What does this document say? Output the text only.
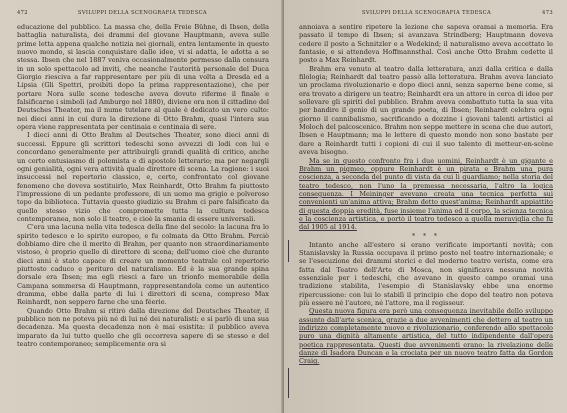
472	SVILUPPI DELLA SCENOGRAFIA TEDESCA

educazione del pubblico. La massa che, della Freie Bühne, di Ibsen, della battaglia naturalista, dei drammi del giovane Hauptmann, aveva sulle prime letta appena qualche notizia nei giornali, entra lentamente in questo nuovo mondo, si lascia conquistare dalle idee, vi si adatta, le adotta a se stessa. Ibsen che nel 1887 veniva occasionalmente permesso dalla censura in un solo spettacolo ad inviti, che neanche l'autorità personale del Duca Giorgio riesciva a far rappresentare per più di una volta a Dresda ed a Lipsia (Gli Spettri, proibiti dopo la prima rappresentazione), che per portare Nora sulle scene tedesche aveva dovuto riferme il finale e falsificarne i simboli (ad Amburgo nel 1880), diviene ora non il cittadino del Deutsches Theater, ma il nume tutelare al quale è dedicato un vero culto: nei dieci anni in cui dura la direzione di Otto Brahm, quasi l'intera sua opera viene rappresentata per centinaia e centinaia di sere.

I dieci anni di Otto Brahm al Deutsches Theater, sono dieci anni di successi. Eppure gli scrittori tedeschi sono avvezzi di lodi con lui e concordano generalmente per attribuirgli grandi qualità di critico, anche un certo entusiasmo di polemista e di apostolo letterario; ma per negargli ogni genialità, ogni vera attività quale direttore di scena. La ragione: i suoi insuccessi nel repertorio classico, e, certo, confrontato col giovane fenomeno che doveva sostituirlo, Max Reinhardt, Otto Brahm fa piuttosto l'impressione di un pedante professore, di un uomo ma grigio e polveroso topo da biblioteca. Tuttavia questo giudizio su Brahm ci pare falsificato da quello stesso vizio che compromette tutta la cultura tedesca contemporanea, non solo il teatro, e cioè la smania di essere universali.

C'era una lacuna nella vita tedesca della fine del secolo: la lacuna fra lo spirito tedesco e lo spirito europeo, e fu colmata da Otto Brahm. Perciò dobbiamo dire che il merito di Brahm, per quanto non straordinariamente vistoso, è proprio quello di direttore di scena; dell'uomo cioè che durante dieci anni è stato capace di creare un momento teatrale col repertorio piuttosto caduco e perituro del naturalismo. Ed è la sua grande spina dorsale era Ibsen; ma egli riesci a fare un trionfo memorabile della Campana sommersa di Hauptmann, rappresentandola come un autentico dramma, ebbe dalla parte di lui i direttori di scena, compreso Max Reinhardt, non seppero farne che una féerie.

Quando Otto Brahm si ritirò dalla direzione del Deutsches Theater, il pubblico non ne poteva più né di lui né dei naturalisti: e si parlò di una sua decadenza. Ma questa decadenza non è mai esistita: il pubblico aveva imparato da lui tutto quello che gli occorreva sapere di se stesso e del teatro contemporaneo; semplicemente ora si

SVILUPPI DELLA SCENOGRAFIA TEDESCA	473

annoiava a sentire ripetere la lezione che sapeva oramai a memoria. Era passato il tempo di Ibsen; si avanzava Strindberg; Hauptmann doveva cedere il posto a Schnitzler e a Wedekind; il naturalismo aveva accettato le fantasie, e si attendeva Hoffmannsthal. Così anche Otto Brahm cedette il posto a Max Reinhardt.

Brahm era venuto al teatro dalla letteratura, anzi dalla critica e dalla filologia; Reinhardt dal teatro passò alla letteratura. Brahm aveva lanciato un proclama rivoluzionario e dopo dieci anni, senza saperne bene come, si era trovato a dirigere un teatro; Reinhardt era un attore in cerca di idee per sollevare gli spiriti del pubblico. Brahm aveva combattuto tutta la sua vita per bandire il genio di un grande poeta, di Ibsen; Reinhardt celebra ogni giorno il cannibalismo, sacrificando a dozzine i giovani talenti artistici al Moloch del palcoscenico. Brahm non seppe mettere in scena che due autori, Ibsen e Hauptmann; ma le lettere di questo mondo non sono bastate per dare a Reinhardt tutti i copioni di cui il suo talento di metteur-en-scène aveva bisogno.

Ma se in questo confronto fra i due uomini, Reinhardt è un gigante e Brahm un pigmeo, oppure Reinhardt è un pirata e Brahm una pura coscienza, a seconda del punto di vista da cui li guardiamo; nella storia del teatro tedesco, non l'uno la premessa necessaria, l'altro la logica conseguenza. I Meininger avevano creata una tecnica perfetta sui convenienti un'anima attiva; Brahm detto quest'anima; Reinhardt appiattito di questa doppia eredità, fuse insieme l'anima ed il corpo, la scienza tecnica e la coscienza artistica, e portò il teatro tedesco a quella meraviglia che fu dal 1905 al 1914.

* * *

Intanto anche all'estero si erano verificate importanti novità; con Stanislavsky la Russia occupava il primo posto nel teatro internazionale; e se l'esecuzione dei drammi storici e del moderno teatro verista, come era fatta dal Teatro dell'Arte di Mosca, non significava nessuna novità essenziale per i tedeschi, che avevano in questo campo oramai una tradizione stabilita, l'esempio di Stanislavsky ebbe una enorme ripercussione: con lui lo stabilì il principio che dopo del teatro non poteva più essere né l'autore, né l'attore, ma il regisseur.

Questa nuova figura era però una conseguenza inevitabile dello sviluppo assunto dall'arte scenica, grazie a due avvenimenti che dettero al teatro un indirizzo completamente nuovo e rivoluzionario, conferendo allo spettacolo puro una dignità altamente artistica, del tutto indipendente dall'opera poetica rappresentata. Questi due avvenimenti erano: la rivelazione delle danze di Isadora Duncan e la crociata per un nuovo teatro fatta da Gordon Craig.
